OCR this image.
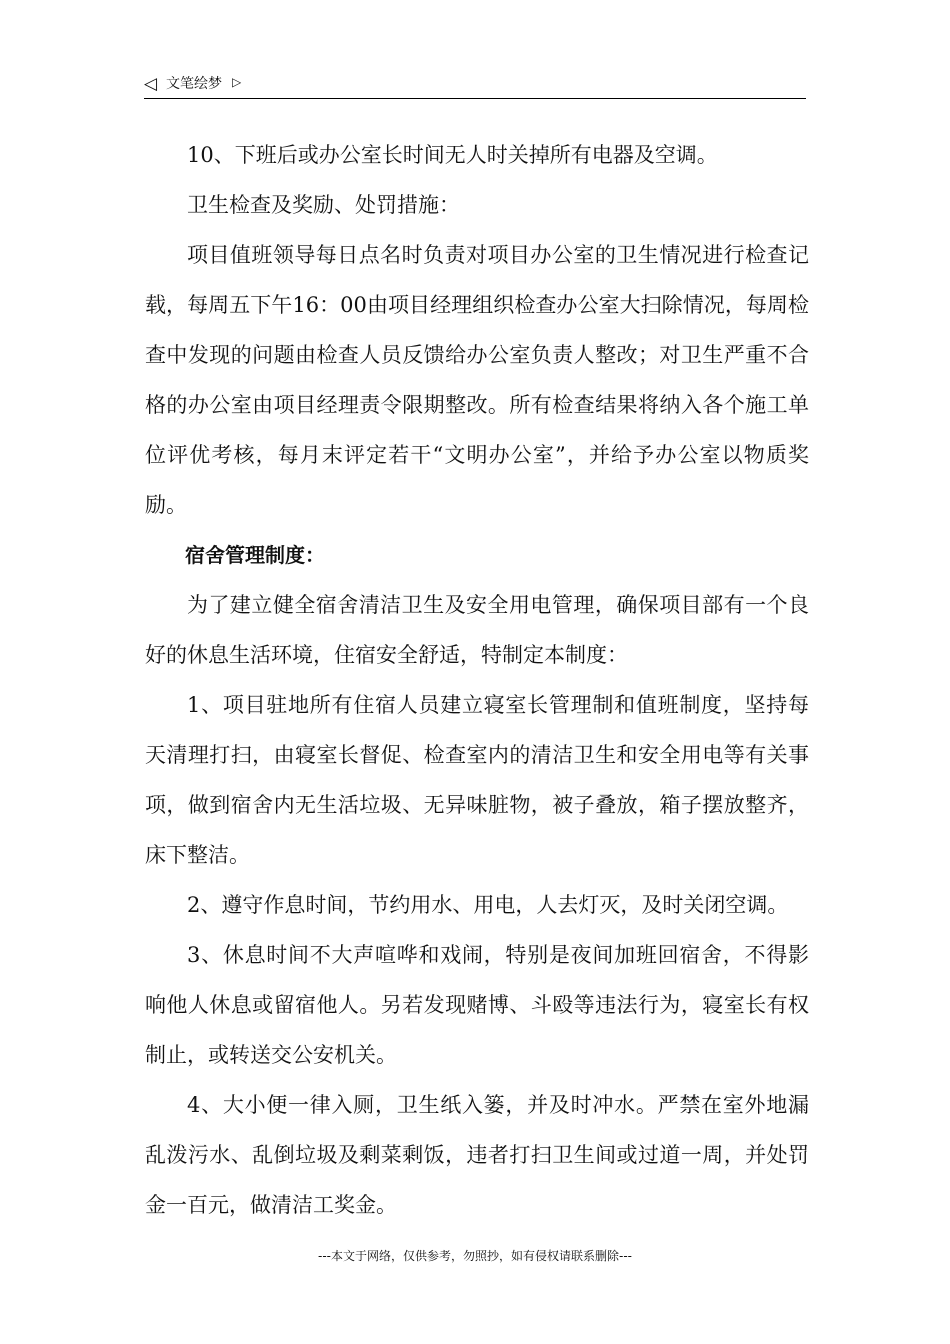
◁ 文笔绘梦 ▷

10、下班后或办公室长时间无人时关掉所有电器及空调。

卫生检查及奖励、处罚措施：

项目值班领导每日点名时负责对项目办公室的卫生情况进行检查记载，每周五下午16：00由项目经理组织检查办公室大扫除情况，每周检查中发现的问题由检查人员反馈给办公室负责人整改；对卫生严重不合格的办公室由项目经理责令限期整改。所有检查结果将纳入各个施工单位评优考核，每月末评定若干“文明办公室”，并给予办公室以物质奖励。

宿舍管理制度：

为了建立健全宿舍清洁卫生及安全用电管理，确保项目部有一个良好的休息生活环境，住宿安全舒适，特制定本制度：

1、项目驻地所有住宿人员建立寝室长管理制和值班制度，坚持每天清理打扫，由寝室长督促、检查室内的清洁卫生和安全用电等有关事项，做到宿舍内无生活垃圾、无异味脏物，被子叠放，箱子摆放整齐，床下整洁。

2、遵守作息时间，节约用水、用电，人去灯灭，及时关闭空调。

3、休息时间不大声喧哗和戏闹，特别是夜间加班回宿舍，不得影响他人休息或留宿他人。另若发现赌博、斗殴等违法行为，寝室长有权制止，或转送交公安机关。

4、大小便一律入厕，卫生纸入篓，并及时冲水。严禁在室外地漏乱泼污水、乱倒垃圾及剩菜剩饭，违者打扫卫生间或过道一周，并处罚金一百元，做清洁工奖金。

---本文于网络，仅供参考，勿照抄，如有侵权请联系删除---
